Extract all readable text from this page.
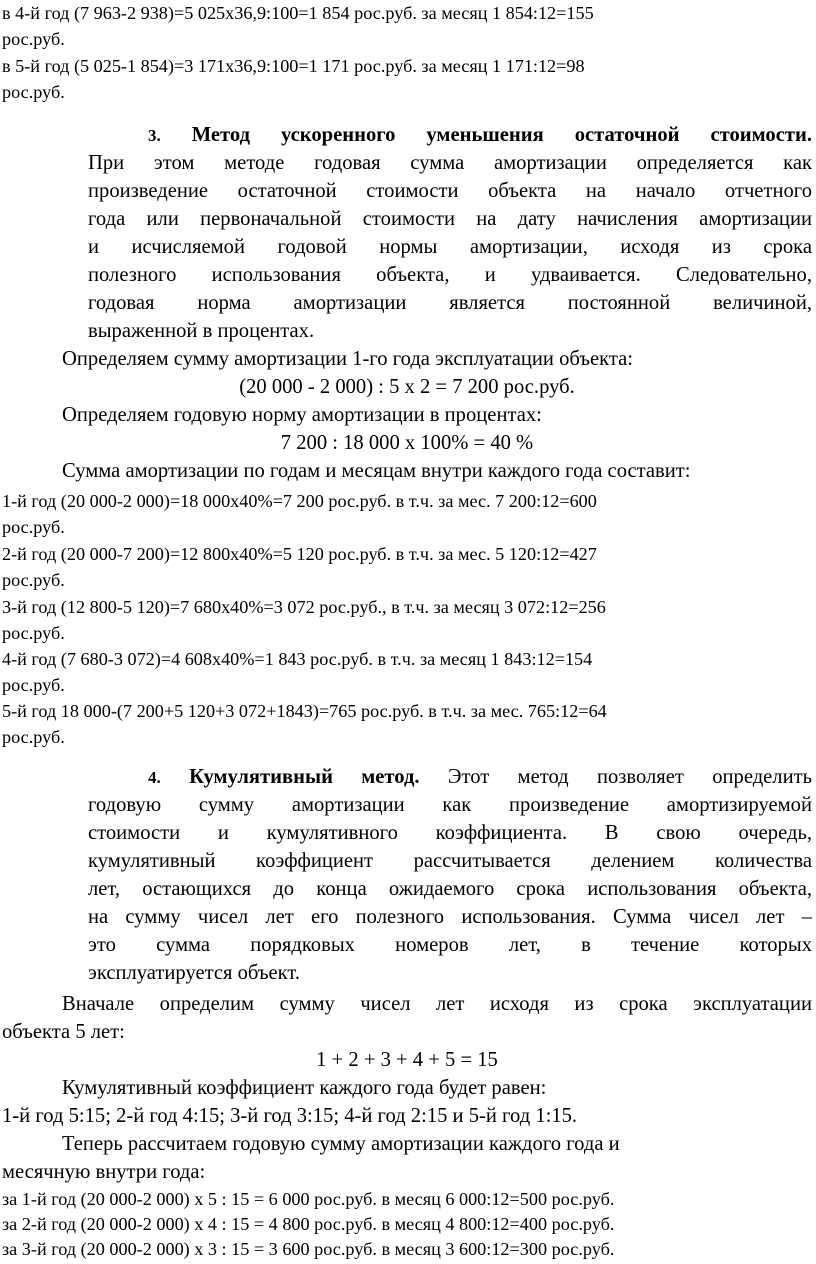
в 4-й год (7 963-2 938)=5 025х36,9:100=1 854 рос.руб. за месяц 1 854:12=155
рос.руб.
в 5-й год (5 025-1 854)=3 171х36,9:100=1 171 рос.руб. за месяц 1 171:12=98
рос.руб.
3. Метод ускоренного уменьшения остаточной стоимости.
При этом методе годовая сумма амортизации определяется как
произведение остаточной стоимости объекта на начало отчетного
года или первоначальной стоимости на дату начисления амортизации
и исчисляемой годовой нормы амортизации, исходя из срока
полезного использования объекта, и удваивается. Следовательно,
годовая норма амортизации является постоянной величиной,
выраженной в процентах.
Определяем сумму амортизации 1-го года эксплуатации объекта:
(20 000 - 2 000) : 5 х 2 = 7 200 рос.руб.
Определяем годовую норму амортизации в процентах:
7 200 : 18 000 х 100% = 40 %
Сумма амортизации по годам и месяцам внутри каждого года составит:
1-й год (20 000-2 000)=18 000х40%=7 200 рос.руб. в т.ч. за мес. 7 200:12=600
рос.руб.
2-й год (20 000-7 200)=12 800х40%=5 120 рос.руб. в т.ч. за мес. 5 120:12=427
рос.руб.
3-й год (12 800-5 120)=7 680х40%=3 072 рос.руб., в т.ч. за месяц 3 072:12=256
рос.руб.
4-й год (7 680-3 072)=4 608х40%=1 843 рос.руб. в т.ч. за месяц 1 843:12=154
рос.руб.
5-й год 18 000-(7 200+5 120+3 072+1843)=765 рос.руб. в т.ч. за мес. 765:12=64
рос.руб.
4. Кумулятивный метод. Этот метод позволяет определить
годовую сумму амортизации как произведение амортизируемой
стоимости и кумулятивного коэффициента. В свою очередь,
кумулятивный коэффициент рассчитывается делением количества
лет, остающихся до конца ожидаемого срока использования объекта,
на сумму чисел лет его полезного использования. Сумма чисел лет –
это сумма порядковых номеров лет, в течение которых
эксплуатируется объект.
Вначале определим сумму чисел лет исходя из срока эксплуатации
объекта 5 лет:
1 + 2 + 3 + 4 + 5 = 15
Кумулятивный коэффициент каждого года будет равен:
1-й год 5:15; 2-й год 4:15; 3-й год 3:15; 4-й год 2:15 и 5-й год 1:15.
Теперь рассчитаем годовую сумму амортизации каждого года и
месячную внутри года:
за 1-й год (20 000-2 000) х 5 : 15 = 6 000 рос.руб. в месяц 6 000:12=500 рос.руб.
за 2-й год (20 000-2 000) х 4 : 15 = 4 800 рос.руб. в месяц 4 800:12=400 рос.руб.
за 3-й год (20 000-2 000) х 3 : 15 = 3 600 рос.руб. в месяц 3 600:12=300 рос.руб.
